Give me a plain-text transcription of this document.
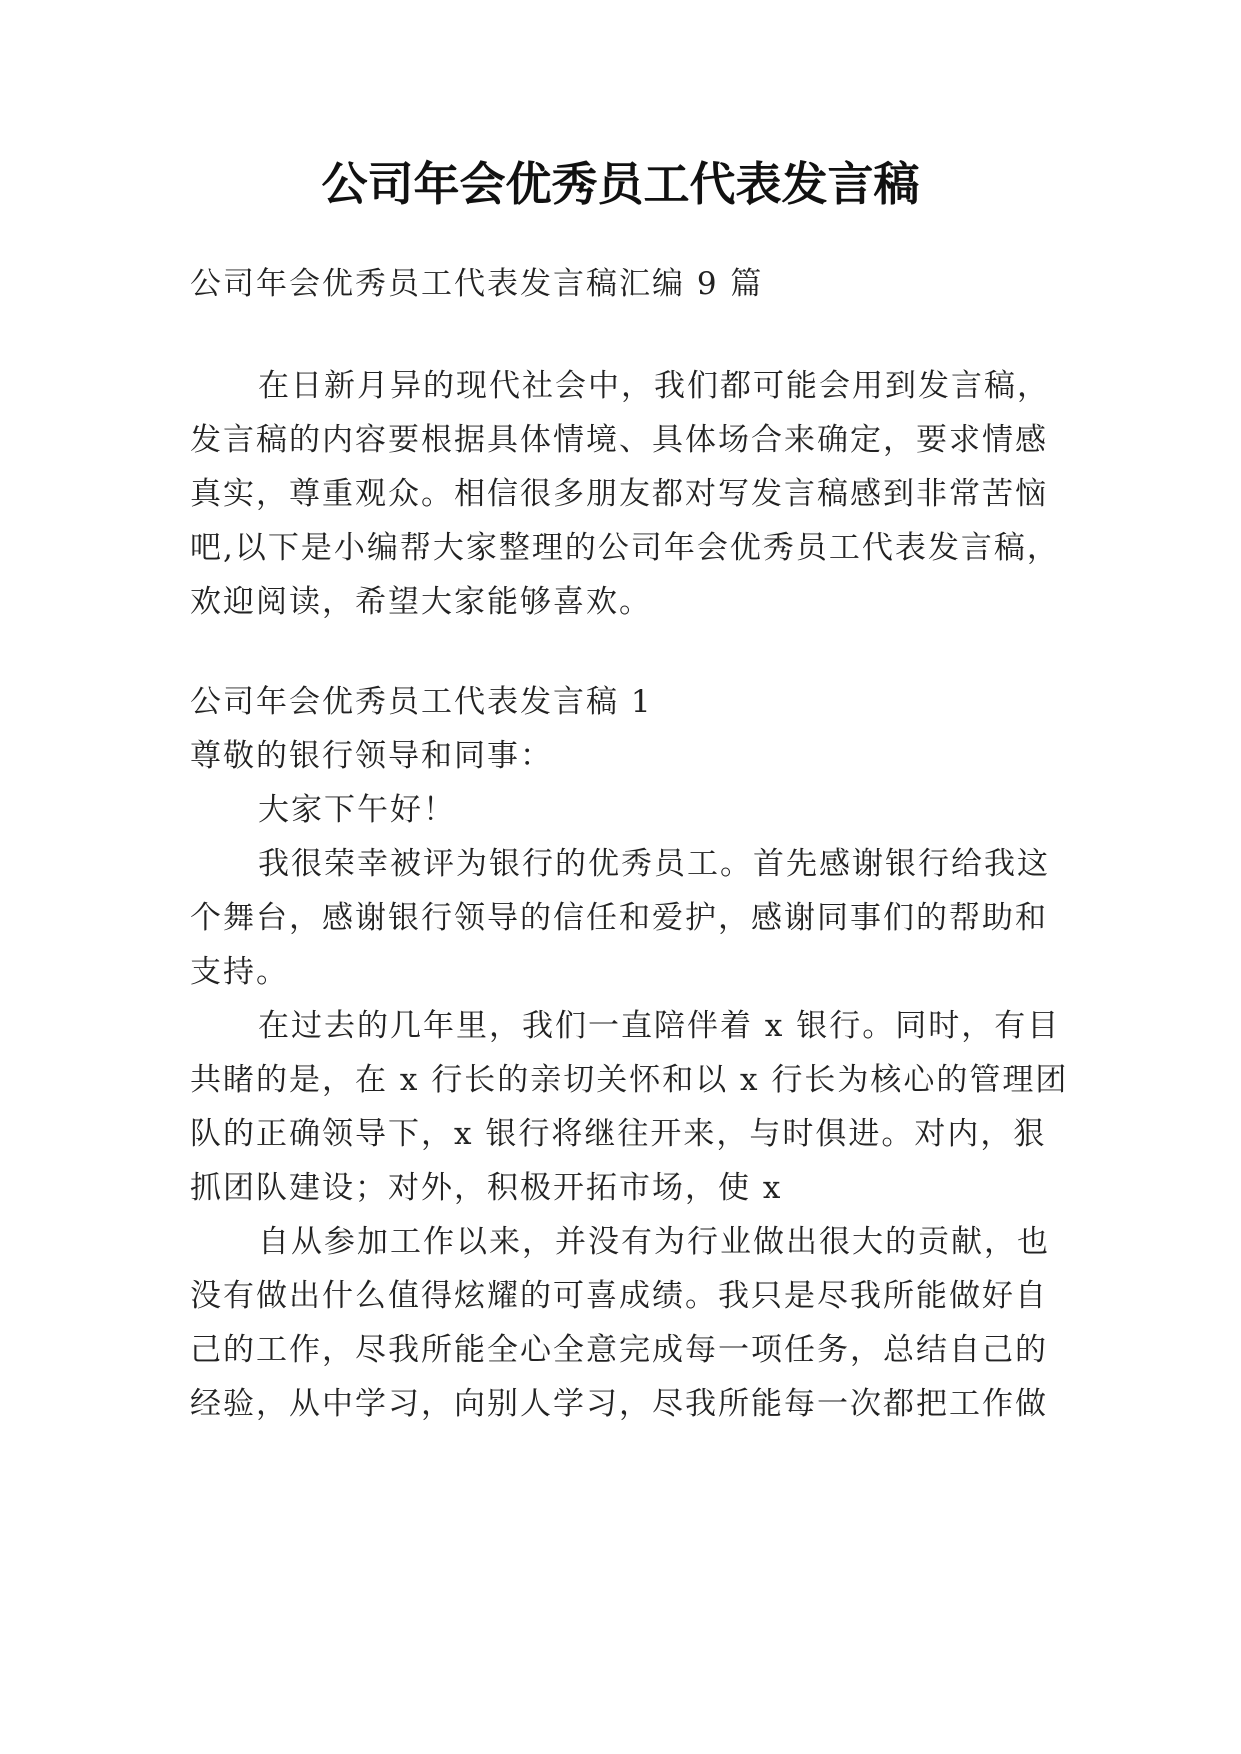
公司年会优秀员工代表发言稿
公司年会优秀员工代表发言稿汇编 9 篇
在日新月异的现代社会中，我们都可能会用到发言稿，
发言稿的内容要根据具体情境、具体场合来确定，要求情感
真实，尊重观众。相信很多朋友都对写发言稿感到非常苦恼
吧,以下是小编帮大家整理的公司年会优秀员工代表发言稿，
欢迎阅读，希望大家能够喜欢。
公司年会优秀员工代表发言稿 1
尊敬的银行领导和同事：
大家下午好！
我很荣幸被评为银行的优秀员工。首先感谢银行给我这
个舞台，感谢银行领导的信任和爱护，感谢同事们的帮助和
支持。
在过去的几年里，我们一直陪伴着 x 银行。同时，有目
共睹的是，在 x 行长的亲切关怀和以 x 行长为核心的管理团
队的正确领导下，x 银行将继往开来，与时俱进。对内，狠
抓团队建设；对外，积极开拓市场，使 x
自从参加工作以来，并没有为行业做出很大的贡献，也
没有做出什么值得炫耀的可喜成绩。我只是尽我所能做好自
己的工作，尽我所能全心全意完成每一项任务，总结自己的
经验，从中学习，向别人学习，尽我所能每一次都把工作做
